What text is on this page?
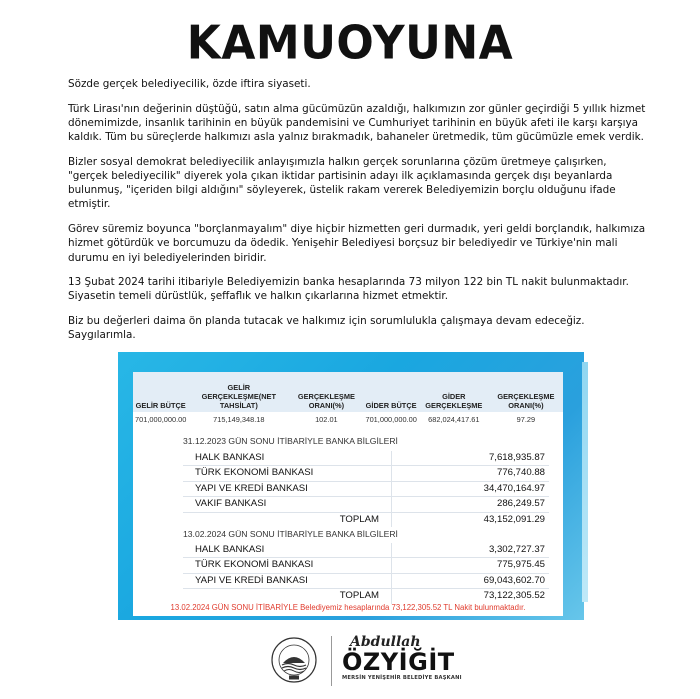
KAMUOYUNA

Sözde gerçek belediyecilik, özde iftira siyaseti.

Türk Lirası'nın değerinin düştüğü, satın alma gücümüzün azaldığı, halkımızın zor günler geçirdiği 5 yıllık hizmet dönemimizde, insanlık tarihinin en büyük pandemisini ve Cumhuriyet tarihinin en büyük afeti ile karşı karşıya kaldık. Tüm bu süreçlerde halkımızı asla yalnız bırakmadık, bahaneler üretmedik, tüm gücümüzle emek verdik.

Bizler sosyal demokrat belediyecilik anlayışımızla halkın gerçek sorunlarına çözüm üretmeye çalışırken, "gerçek belediyecilik" diyerek yola çıkan iktidar partisinin adayı ilk açıklamasında gerçek dışı beyanlarda bulunmuş, "içeriden bilgi aldığını" söyleyerek, üstelik rakam vererek Belediyemizin borçlu olduğunu ifade etmiştir.

Görev süremiz boyunca "borçlanmayalım" diye hiçbir hizmetten geri durmadık, yeri geldi borçlandık, halkımıza hizmet götürdük ve borcumuzu da ödedik. Yenişehir Belediyesi borçsuz bir belediyedir ve Türkiye'nin mali durumu en iyi belediyelerinden biridir.

13 Şubat 2024 tarihi itibariyle Belediyemizin banka hesaplarında 73 milyon 122 bin TL nakit bulunmaktadır. Siyasetin temeli dürüstlük, şeffaflık ve halkın çıkarlarına hizmet etmektir.

Biz bu değerleri daima ön planda tutacak ve halkımız için sorumlulukla çalışmaya devam edeceğiz. Saygılarımla.

GELİR BÜTÇE	GELİR GERÇEKLEŞME(NET TAHSİLAT)	GERÇEKLEŞME ORANI(%)	GİDER BÜTÇE	GİDER GERÇEKLEŞME	GERÇEKLEŞME ORANI(%)
701,000,000.00	715,149,348.18	102.01	701,000,000.00	682,024,417.61	97.29
31.12.2023 GÜN SONU İTİBARİYLE BANKA BİLGİLERİ
HALK BANKASI	7,618,935.87
TÜRK EKONOMİ BANKASI	776,740.88
YAPI VE KREDİ BANKASI	34,470,164.97
VAKIF BANKASI	286,249.57
TOPLAM	43,152,091.29
13.02.2024 GÜN SONU İTİBARİYLE BANKA BİLGİLERİ
HALK BANKASI	3,302,727.37
TÜRK EKONOMİ BANKASI	775,975.45
YAPI VE KREDİ BANKASI	69,043,602.70
TOPLAM	73,122,305.52
13.02.2024 GÜN SONU İTİBARİYLE Belediyemiz hesaplarında 73,122,305.52 TL Nakit bulunmaktadır.
Abdullah
ÖZYİĞİT
MERSİN YENİŞEHİR BELEDİYE BAŞKANI
